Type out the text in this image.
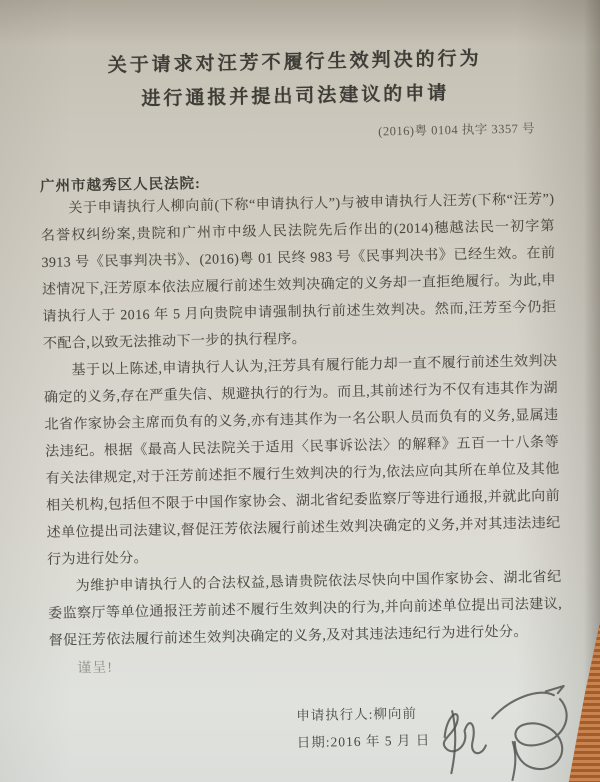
关于请求对汪芳不履行生效判决的行为
进行通报并提出司法建议的申请
(2016)粤 0104 执字 3357 号
广州市越秀区人民法院:

关于申请执行人柳向前(下称“申请执行人”)与被申请执行人汪芳(下称“汪芳”)名誉权纠纷案,贵院和广州市中级人民法院先后作出的(2014)穗越法民一初字第 3913 号《民事判决书》、(2016)粤 01 民终 983 号《民事判决书》已经生效。在前述情况下,汪芳原本依法应履行前述生效判决确定的义务却一直拒绝履行。为此,申请执行人于 2016 年 5 月向贵院申请强制执行前述生效判决。然而,汪芳至今仍拒不配合,以致无法推动下一步的执行程序。

基于以上陈述,申请执行人认为,汪芳具有履行能力却一直不履行前述生效判决确定的义务,存在严重失信、规避执行的行为。而且,其前述行为不仅有违其作为湖北省作家协会主席而负有的义务,亦有违其作为一名公职人员而负有的义务,显属违法违纪。根据《最高人民法院关于适用〈民事诉讼法〉的解释》五百一十八条等有关法律规定,对于汪芳前述拒不履行生效判决的行为,依法应向其所在单位及其他相关机构,包括但不限于中国作家协会、湖北省纪委监察厅等进行通报,并就此向前述单位提出司法建议,督促汪芳依法履行前述生效判决确定的义务,并对其违法违纪行为进行处分。

为维护申请执行人的合法权益,恳请贵院依法尽快向中国作家协会、湖北省纪委监察厅等单位通报汪芳前述不履行生效判决的行为,并向前述单位提出司法建议,督促汪芳依法履行前述生效判决确定的义务,及对其违法违纪行为进行处分。

谨呈!
申请执行人:柳向前
日期:2016 年 5 月 日
